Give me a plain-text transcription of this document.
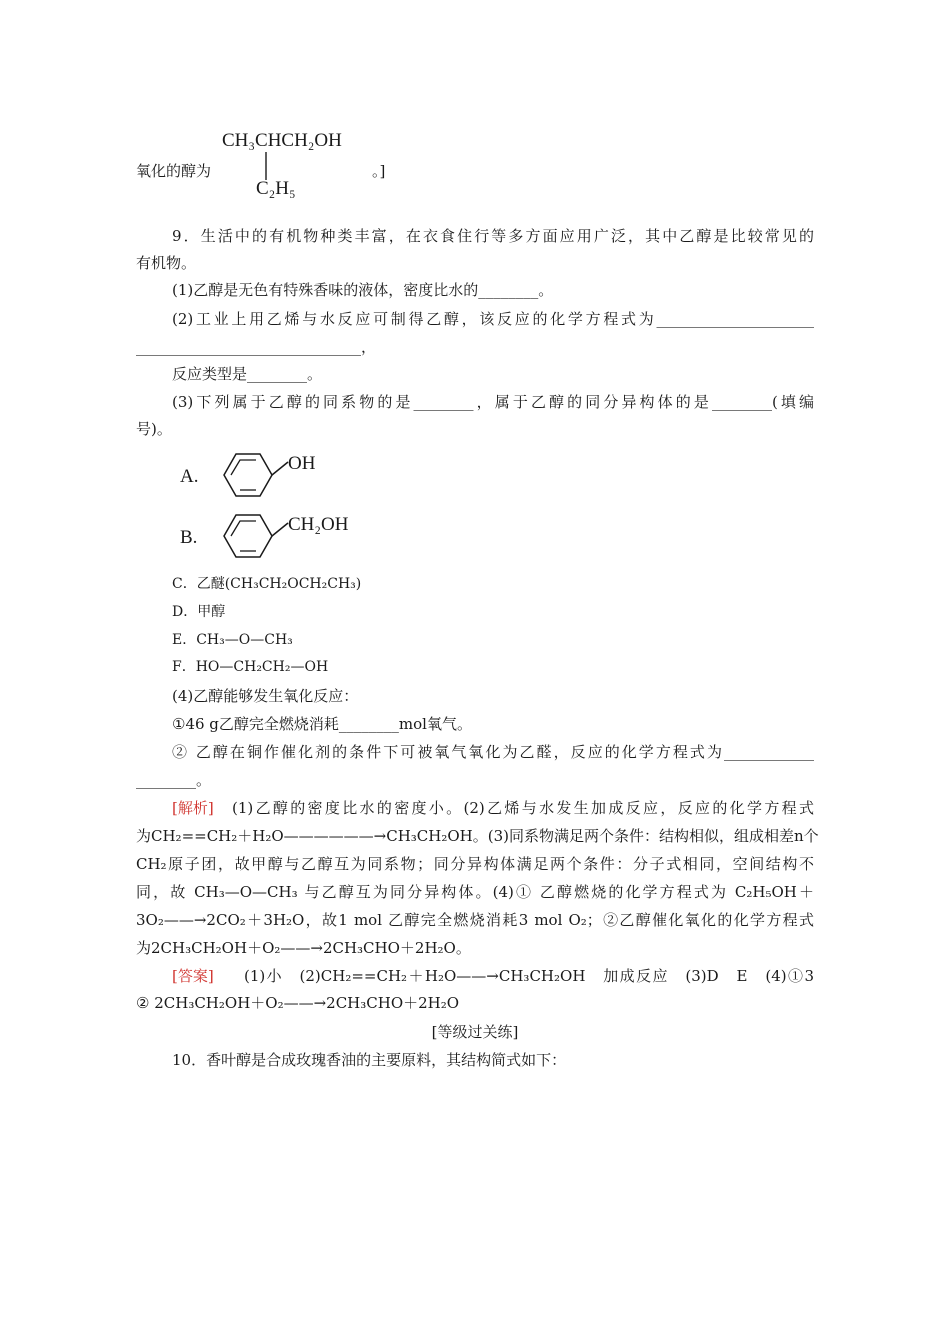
CH₃CHCH₂OH
氧化的醇为	。]
C₂H₅
9．生活中的有机物种类丰富，在衣食住行等多方面应用广泛，其中乙醇是比较常见的
有机物。
(1)乙醇是无色有特殊香味的液体，密度比水的________。
(2)工业上用乙烯与水反应可制得乙醇，该反应的化学方程式为_____________________
______________________________，
反应类型是________。
(3)下列属于乙醇的同系物的是________，属于乙醇的同分异构体的是________(填编
号)。
A.
OH
B.
CH₂OH
C．乙醚(CH₃CH₂OCH₂CH₃)
D．甲醇
E．CH₃—O—CH₃
F．HO—CH₂CH₂—OH
(4)乙醇能够发生氧化反应：
①46 g乙醇完全燃烧消耗________mol氧气。
② 乙醇在铜作催化剂的条件下可被氧气氧化为乙醛，反应的化学方程式为____________
________。
[解析] (1)乙醇的密度比水的密度小。(2)乙烯与水发生加成反应，反应的化学方程式
为CH₂==CH₂＋H₂O——————→CH₃CH₂OH。(3)同系物满足两个条件：结构相似，组成相差n个
CH₂原子团，故甲醇与乙醇互为同系物；同分异构体满足两个条件：分子式相同，空间结构不
同，故 CH₃—O—CH₃ 与乙醇互为同分异构体。(4)① 乙醇燃烧的化学方程式为 C₂H₅OH＋
3O₂——→2CO₂＋3H₂O，故1 mol 乙醇完全燃烧消耗3 mol O₂；②乙醇催化氧化的化学方程式
为2CH₃CH₂OH＋O₂——→2CH₃CHO＋2H₂O。
[答案] (1)小　(2)CH₂==CH₂＋H₂O——→CH₃CH₂OH　加成反应　(3)D　E　(4)①3
② 2CH₃CH₂OH＋O₂——→2CH₃CHO＋2H₂O
[等级过关练]
10．香叶醇是合成玫瑰香油的主要原料，其结构简式如下：
